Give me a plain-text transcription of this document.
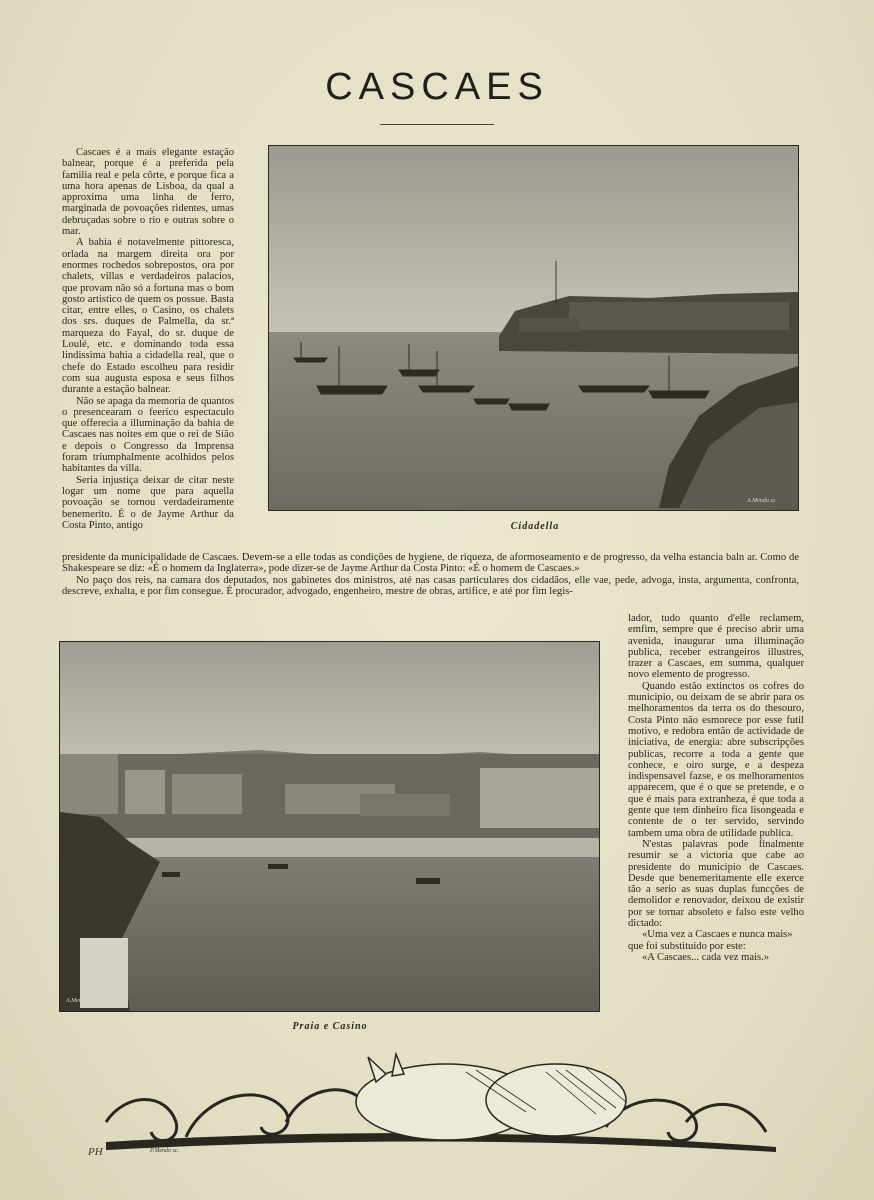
CASCAES

Cascaes é a mais elegante estação balnear, porque é a preferida pela familia real e pela côrte, e porque fica a uma hora apenas de Lisboa, da qual a approxima uma linha de ferro, marginada de povoações ridentes, umas debruçadas sobre o rio e outras sobre o mar.

A bahia é notavelmente pittoresca, orlada na margem direita ora por enormes rochedos sobrepostos, ora por chalets, villas e verdadeiros palacios, que provam não só a fortuna mas o bom gosto artistico de quem os possue. Basta citar, entre elles, o Casino, os chalets dos srs. duques de Palmella, da sr.ª marqueza do Fayal, do sr. duque de Loulé, etc. e dominando toda essa lindissima bahia a cidadella real, que o chefe do Estado escolheu para residir com sua augusta esposa e seus filhos durante a estação balnear.

Não se apaga da memoria de quantos o presencearam o feerico espectaculo que offerecia a illuminação da bahia de Cascaes nas noites em que o rei de Sião e depois o Congresso da Imprensa foram triumphalmente acolhidos pelos habitantes da villa.

Seria injustiça deixar de citar neste logar um nome que para aquella povoação se tornou verdadeiramente benemerito. É o de Jayme Arthur da Costa Pinto, antigo

A.Mendo sc.
Cidadella

presidente da municipalidade de Cascaes. Devem-se a elle todas as condições de hygiene, de riqueza, de aformoseamento e de progresso, da velha estancia baln ar. Como de Shakespeare se diz: «É o homem da Inglaterra», pode dizer-se de Jayme Arthur da Costa Pinto: «É o homem de Cascaes.»

No paço dos reis, na camara dos deputados, nos gabinetes dos ministros, até nas casas particulares dos cidadãos, elle vae, pede, advoga, insta, argumenta, confronta, descreve, exhalta, e por fim consegue. É procurador, advogado, engenheiro, mestre de obras, artifice, e até por fim legis-

A.Mendo sc.
Praia e Casino

lador, tudo quanto d'elle reclamem, emfim, sempre que é preciso abrir uma avenida, inaugurar uma illuminação publica, receber estrangeiros illustres, trazer a Cascaes, em summa, qualquer novo elemento de progresso.

Quando estão extinctos os cofres do municipio, ou deixam de se abrir para os melhoramentos da terra os do thesouro, Costa Pinto não esmorece por esse futil motivo, e redobra então de actividade de iniciativa, de energia: abre subscripções publicas, recorre a toda a gente que conhece, e oiro surge, e a despeza indispensavel fazse, e os melhoramentos apparecem, que é o que se pretende, e o que é mais para extranheza, é que toda a gente que tem dinheiro fica lisongeada e contente de o ter servido, servindo tambem uma obra de utilidade publica.

N'estas palavras pode finalmente resumir se a victoria que cabe ao presidente do municipio de Cascaes. Desde que benemeritamente elle exerce tão a serio as suas duplas funcções de demolidor e renovador, deixou de existir por se tornar absoleto e falso este velho dictado:

«Uma vez a Cascaes e nunca mais»

que foi substituido por este:

«A Cascaes... cada vez mais.»

PH	P.Mendo sc.
